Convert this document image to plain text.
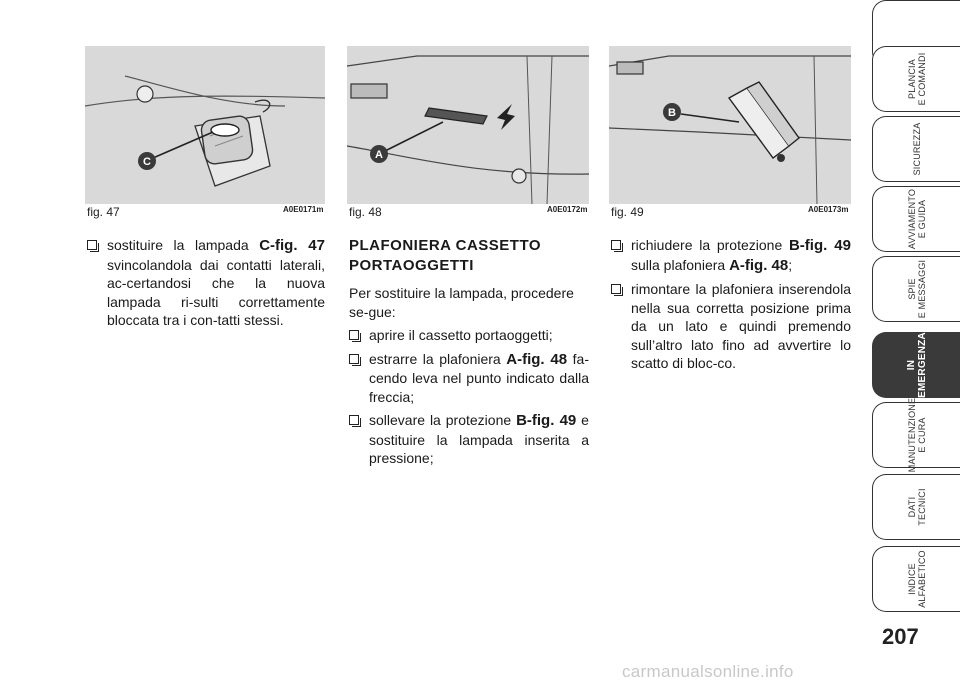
C
fig. 47	A0E0171m
A
fig. 48	A0E0172m
B
fig. 49	A0E0173m
sostituire la lampada C-fig. 47 svincolandola dai contatti laterali, ac-certandosi che la nuova lampada ri-sulti correttamente bloccata tra i con-tatti stessi.
PLAFONIERA CASSETTO
PORTAOGGETTI
Per sostituire la lampada, procedere se-gue:
aprire il cassetto portaoggetti;
estrarre la plafoniera A-fig. 48 fa-cendo leva nel punto indicato dalla freccia;
sollevare la protezione B-fig. 49 e sostituire la lampada inserita a pressione;
richiudere la protezione B-fig. 49 sulla plafoniera A-fig. 48;
rimontare la plafoniera inserendola nella sua corretta posizione prima da un lato e quindi premendo sull’altro lato fino ad avvertire lo scatto di bloc-co.
PLANCIA
E COMANDI
SICUREZZA
AVVIAMENTO
E GUIDA
SPIE
E MESSAGGI
IN
EMERGENZA
MANUTENZIONE
E CURA
DATI
TECNICI
INDICE
ALFABETICO
207
carmanualsonline.info
